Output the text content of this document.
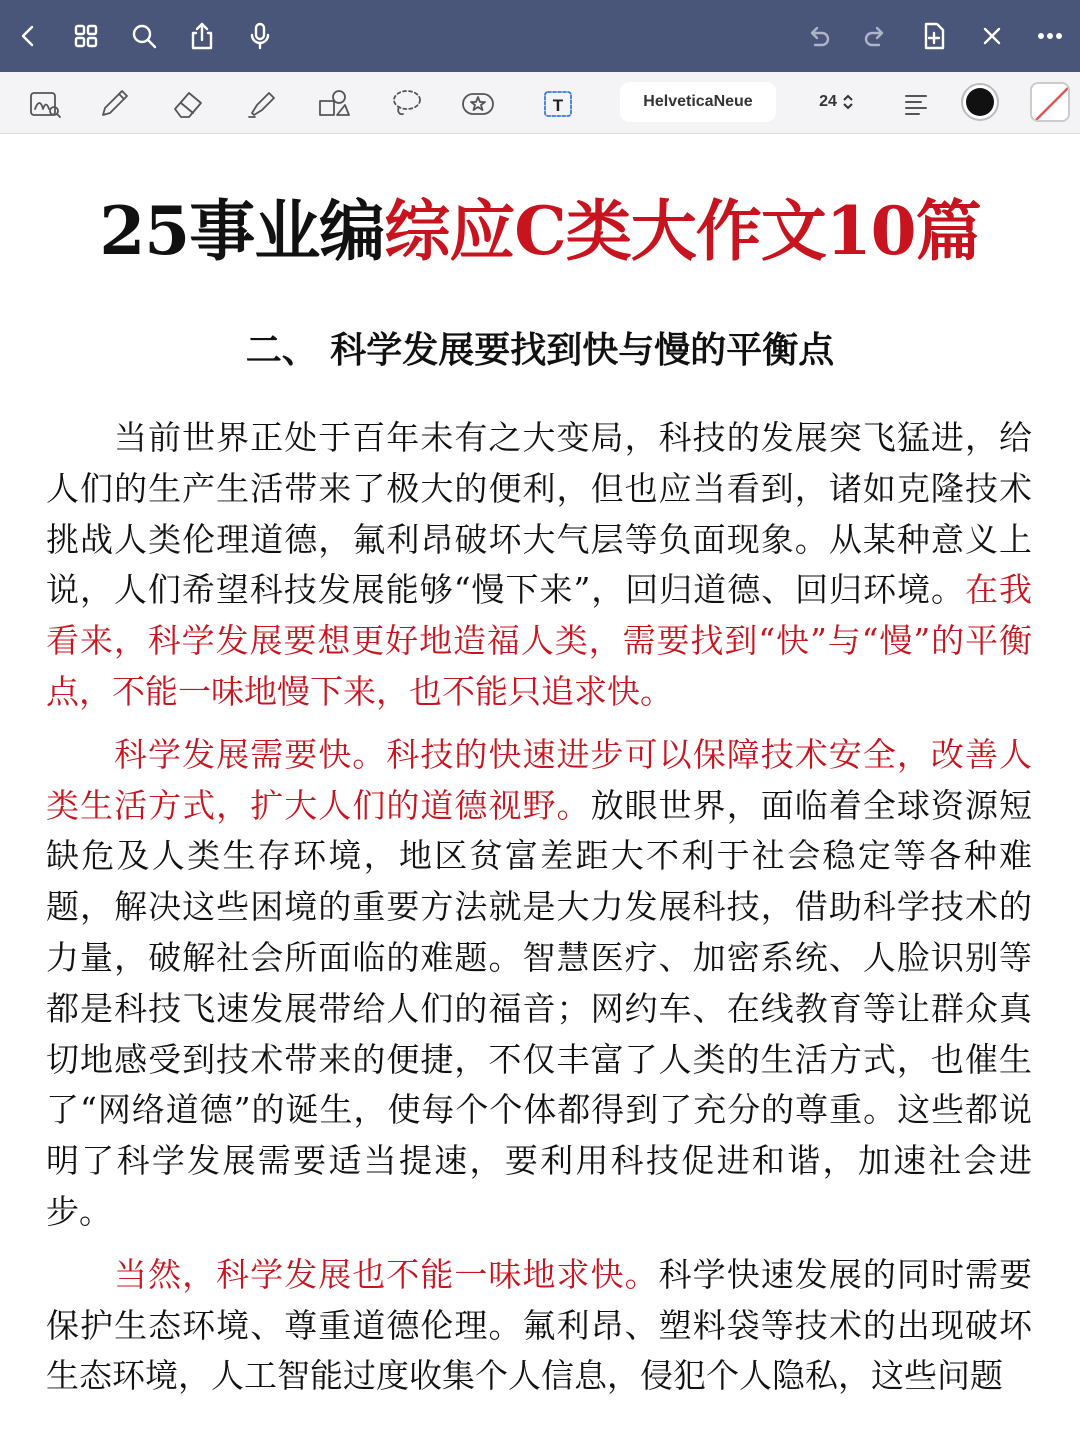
T	HelveticaNeue	24
25事业编综应C类大作文10篇
二、 科学发展要找到快与慢的平衡点

当前世界正处于百年未有之大变局，科技的发展突飞猛进，给人们的生产生活带来了极大的便利，但也应当看到，诸如克隆技术挑战人类伦理道德，氟利昂破坏大气层等负面现象。从某种意义上说，人们希望科技发展能够“慢下来”，回归道德、回归环境。在我看来，科学发展要想更好地造福人类，需要找到“快”与“慢”的平衡点，不能一味地慢下来，也不能只追求快。

科学发展需要快。科技的快速进步可以保障技术安全，改善人类生活方式，扩大人们的道德视野。放眼世界，面临着全球资源短缺危及人类生存环境，地区贫富差距大不利于社会稳定等各种难题，解决这些困境的重要方法就是大力发展科技，借助科学技术的力量，破解社会所面临的难题。智慧医疗、加密系统、人脸识别等都是科技飞速发展带给人们的福音；网约车、在线教育等让群众真切地感受到技术带来的便捷，不仅丰富了人类的生活方式，也催生了“网络道德”的诞生，使每个个体都得到了充分的尊重。这些都说明了科学发展需要适当提速，要利用科技促进和谐，加速社会进步。

当然，科学发展也不能一味地求快。科学快速发展的同时需要保护生态环境、尊重道德伦理。氟利昂、塑料袋等技术的出现破坏生态环境，人工智能过度收集个人信息，侵犯个人隐私，这些问题
